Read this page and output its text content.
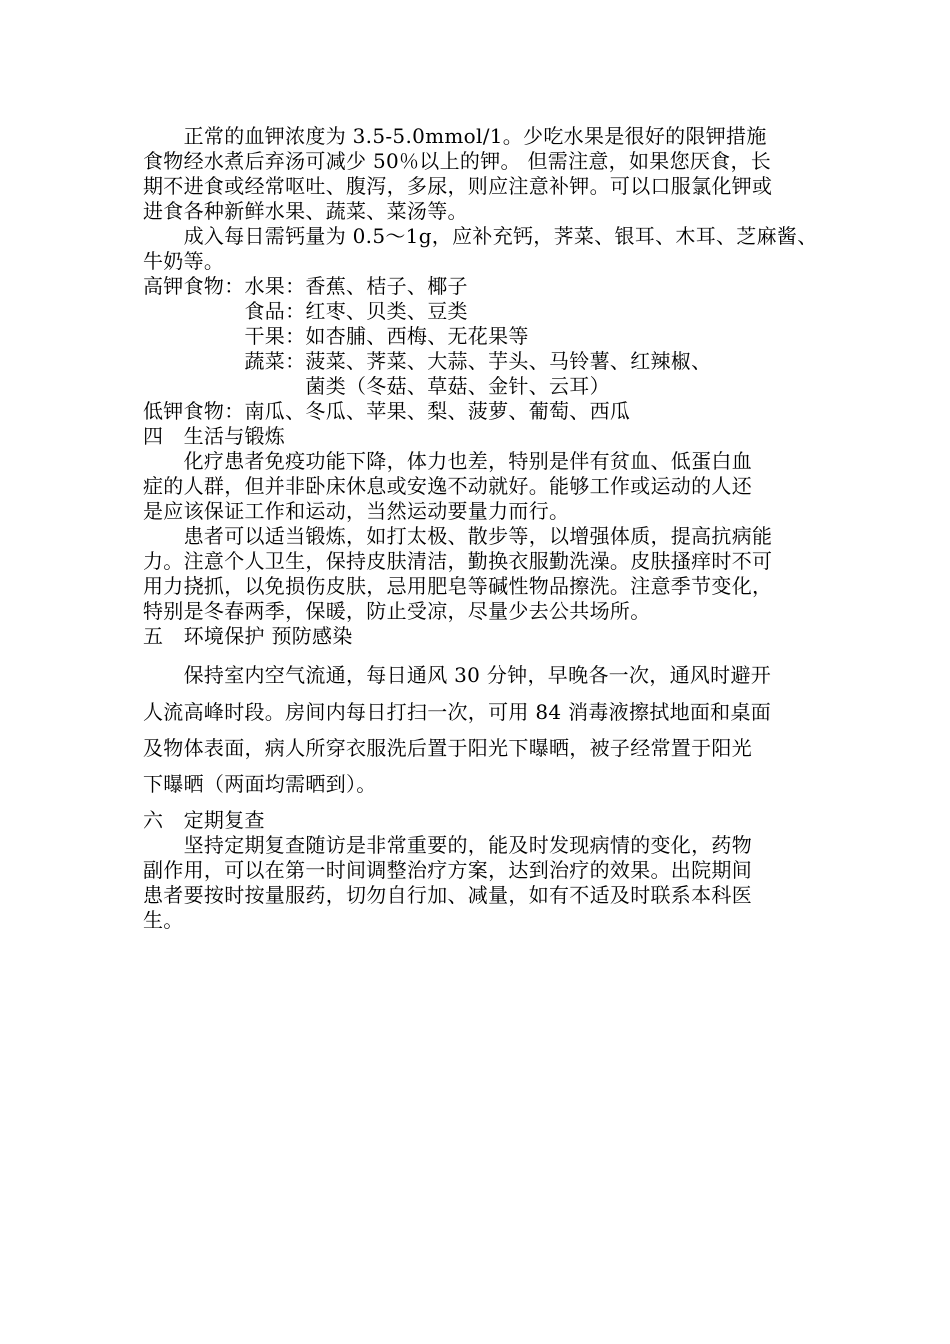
　　正常的血钾浓度为 3.5-5.0mmol/1。少吃水果是很好的限钾措施
食物经水煮后弃汤可减少 50％以上的钾。 但需注意，如果您厌食，长
期不进食或经常呕吐、腹泻，多尿，则应注意补钾。可以口服氯化钾或
进食各种新鲜水果、蔬菜、菜汤等。
　　成入每日需钙量为 0.5～1g，应补充钙，荠菜、银耳、木耳、芝麻酱、
牛奶等。
高钾食物：水果：香蕉、桔子、椰子
　　　　　食品：红枣、贝类、豆类
　　　　　干果：如杏脯、西梅、无花果等
　　　　　蔬菜：菠菜、荠菜、大蒜、芋头、马铃薯、红辣椒、
　　　　　　　　菌类（冬菇、草菇、金针、云耳）
低钾食物：南瓜、冬瓜、苹果、梨、菠萝、葡萄、西瓜
四　生活与锻炼
　　化疗患者免疫功能下降，体力也差，特别是伴有贫血、低蛋白血
症的人群，但并非卧床休息或安逸不动就好。能够工作或运动的人还
是应该保证工作和运动，当然运动要量力而行。
　　患者可以适当锻炼，如打太极、散步等，以增强体质，提高抗病能
力。注意个人卫生，保持皮肤清洁，勤换衣服勤洗澡。皮肤搔痒时不可
用力挠抓，以免损伤皮肤，忌用肥皂等碱性物品擦洗。注意季节变化，
特别是冬春两季，保暖，防止受凉，尽量少去公共场所。
五　环境保护 预防感染
　　保持室内空气流通，每日通风 30 分钟，早晚各一次，通风时避开
人流高峰时段。房间内每日打扫一次，可用 84 消毒液擦拭地面和桌面
及物体表面，病人所穿衣服洗后置于阳光下曝晒，被子经常置于阳光
下曝晒（两面均需晒到）。
六　定期复查
　　坚持定期复查随访是非常重要的，能及时发现病情的变化，药物
副作用，可以在第一时间调整治疗方案，达到治疗的效果。出院期间
患者要按时按量服药，切勿自行加、减量，如有不适及时联系本科医
生。
